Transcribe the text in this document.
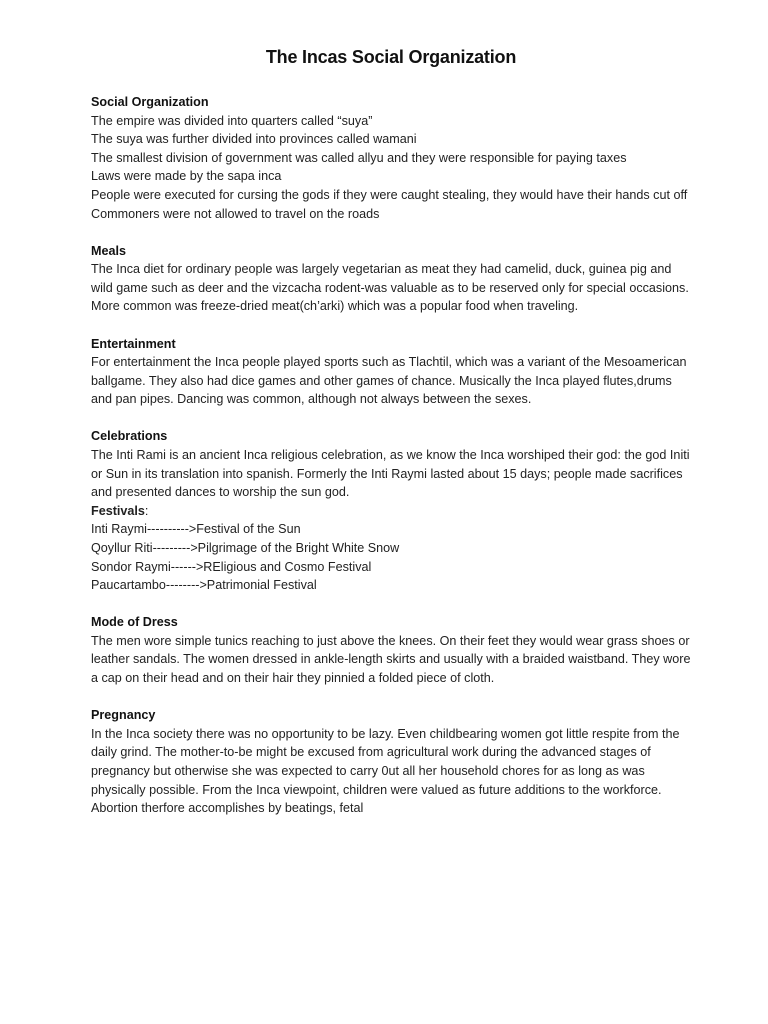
The Incas Social Organization
Social Organization
The empire was divided into quarters called “suya”
The suya was further divided into provinces called wamani
The smallest division of government was called allyu and they were responsible for paying taxes
Laws were made by the sapa inca
People were executed for cursing the gods if they were caught stealing, they would have their hands cut off
Commoners were not allowed to travel on the roads
Meals
The Inca diet for ordinary people was largely vegetarian as meat they had camelid, duck, guinea pig and wild game such as deer and the vizcacha rodent-was valuable as to be reserved only for special occasions. More common was freeze-dried meat(ch’arki) which was a popular food when traveling.
Entertainment
For entertainment the Inca people played sports such as Tlachtil, which was a variant of the Mesoamerican ballgame. They also had dice games and other games of chance. Musically the Inca played flutes,drums and pan pipes. Dancing was common, although not always between the sexes.
Celebrations
The Inti Rami is an ancient Inca religious celebration, as we know the Inca worshiped their god: the god Initi or Sun in its translation into spanish. Formerly the Inti Raymi lasted about 15 days; people made sacrifices and presented dances to worship the sun god.
Festivals:
Inti Raymi---------->Festival of the Sun
Qoyllur Riti--------->Pilgrimage of the Bright White Snow
Sondor Raymi------>REligious and Cosmo Festival
Paucartambo-------->Patrimonial Festival
Mode of Dress
The men wore simple tunics reaching to just above the knees. On their feet they would wear grass shoes or leather sandals. The women dressed in ankle-length skirts and usually with a braided waistband. They wore a cap on their head and on their hair they pinnied a folded piece of cloth.
Pregnancy
In the Inca society there was no opportunity to be lazy. Even childbearing women got little respite from the daily grind. The mother-to-be might be excused from agricultural work during the advanced stages of pregnancy but otherwise she was expected to carry 0ut all her household chores for as long as was physically possible. From the Inca viewpoint, children were valued as future additions to the workforce. Abortion therfore accomplishes by beatings, fetal
